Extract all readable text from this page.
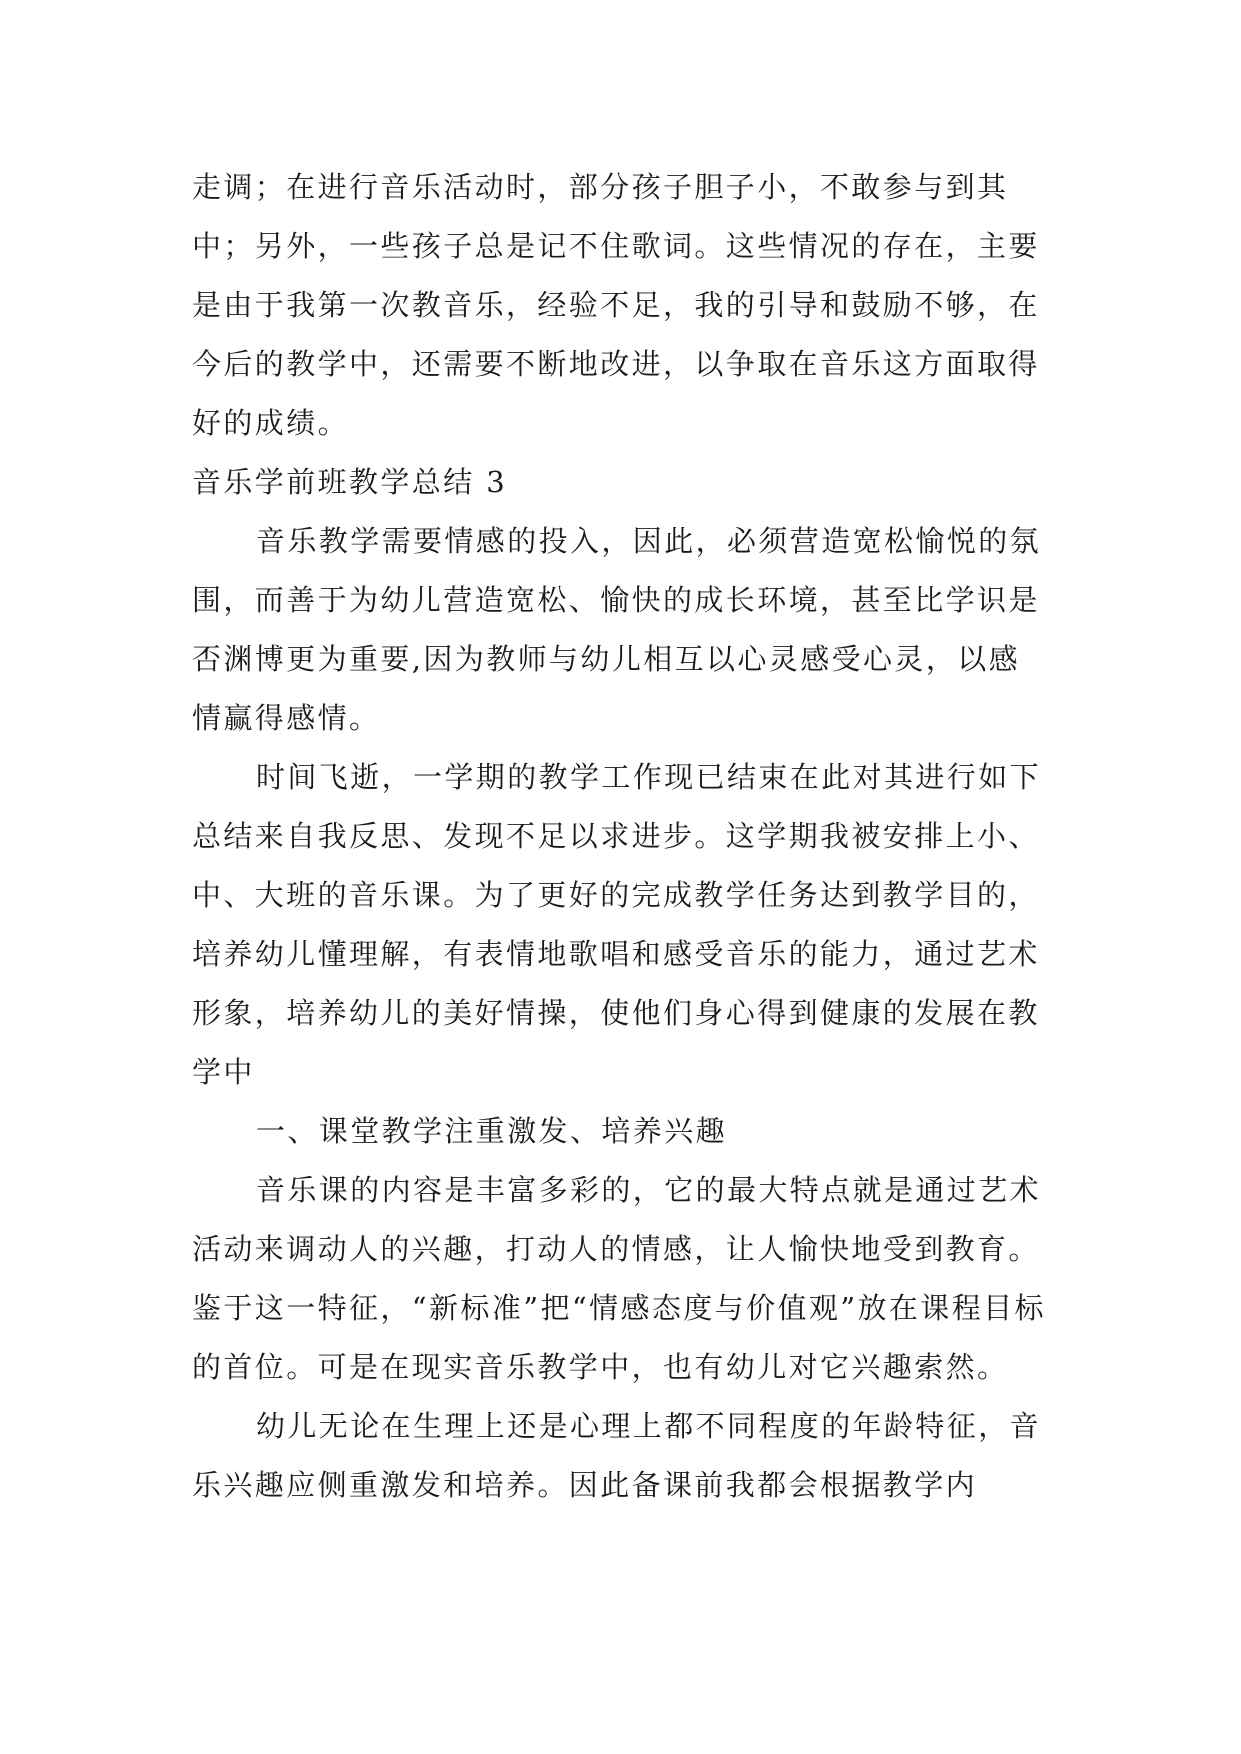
走调；在进行音乐活动时，部分孩子胆子小，不敢参与到其中；另外，一些孩子总是记不住歌词。这些情况的存在，主要是由于我第一次教音乐，经验不足，我的引导和鼓励不够，在今后的教学中，还需要不断地改进，以争取在音乐这方面取得好的成绩。

音乐学前班教学总结 3

音乐教学需要情感的投入，因此，必须营造宽松愉悦的氛围，而善于为幼儿营造宽松、愉快的成长环境，甚至比学识是否渊博更为重要,因为教师与幼儿相互以心灵感受心灵，以感情赢得感情。

时间飞逝，一学期的教学工作现已结束在此对其进行如下总结来自我反思、发现不足以求进步。这学期我被安排上小、中、大班的音乐课。为了更好的完成教学任务达到教学目的，培养幼儿懂理解，有表情地歌唱和感受音乐的能力，通过艺术形象，培养幼儿的美好情操，使他们身心得到健康的发展在教学中

一、课堂教学注重激发、培养兴趣

音乐课的内容是丰富多彩的，它的最大特点就是通过艺术活动来调动人的兴趣，打动人的情感，让人愉快地受到教育。鉴于这一特征，“新标准”把“情感态度与价值观”放在课程目标的首位。可是在现实音乐教学中，也有幼儿对它兴趣索然。

幼儿无论在生理上还是心理上都不同程度的年龄特征，音乐兴趣应侧重激发和培养。因此备课前我都会根据教学内
